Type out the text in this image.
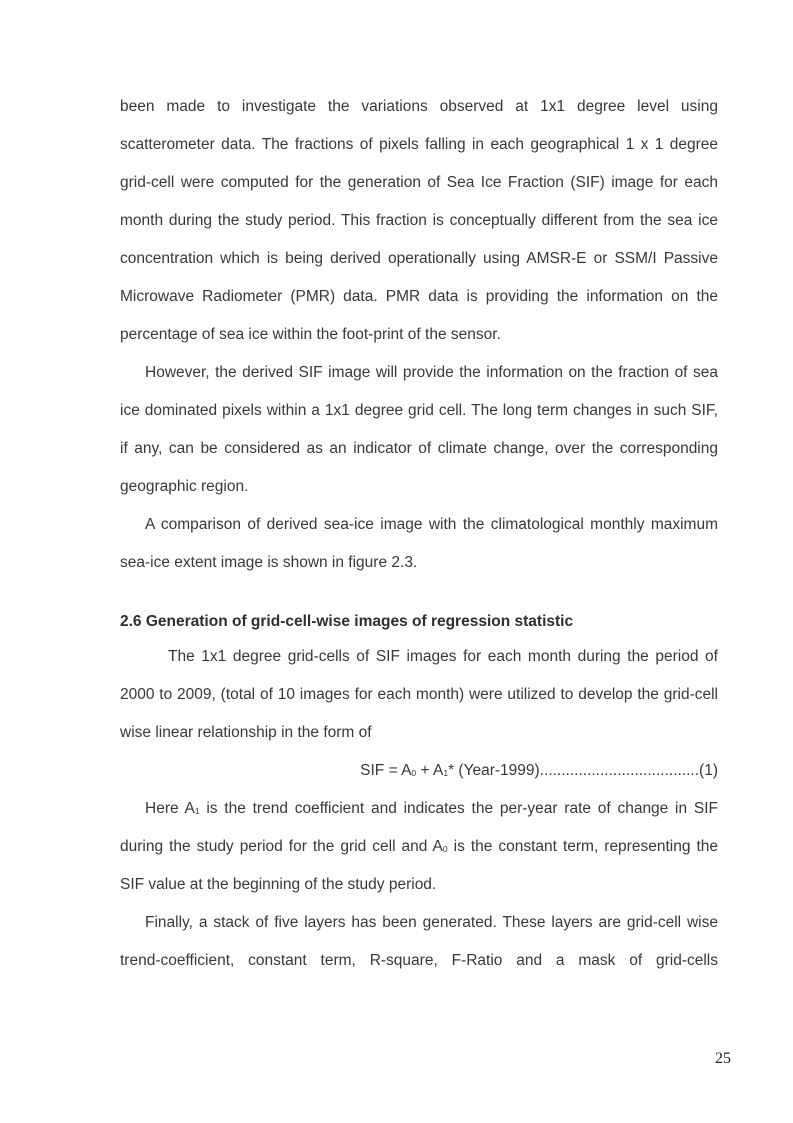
been made to investigate the variations observed at 1x1 degree level using scatterometer data. The fractions of pixels falling in each geographical 1 x 1 degree grid-cell were computed for the generation of Sea Ice Fraction (SIF) image for each month during the study period. This fraction is conceptually different from the sea ice concentration which is being derived operationally using AMSR-E or SSM/I Passive Microwave Radiometer (PMR) data. PMR data is providing the information on the percentage of sea ice within the foot-print of the sensor.

However, the derived SIF image will provide the information on the fraction of sea ice dominated pixels within a 1x1 degree grid cell. The long term changes in such SIF, if any, can be considered as an indicator of climate change, over the corresponding geographic region.

A comparison of derived sea-ice image with the climatological monthly maximum sea-ice extent image is shown in figure 2.3.

2.6 Generation of grid-cell-wise images of regression statistic

The 1x1 degree grid-cells of SIF images for each month during the period of 2000 to 2009, (total of 10 images for each month) were utilized to develop the grid-cell wise linear relationship in the form of

SIF = A0 + A1* (Year-1999).....................................(1)

Here A1 is the trend coefficient and indicates the per-year rate of change in SIF during the study period for the grid cell and A0 is the constant term, representing the SIF value at the beginning of the study period.

Finally, a stack of five layers has been generated. These layers are grid-cell wise trend-coefficient, constant term, R-square, F-Ratio and a mask of grid-cells

25
